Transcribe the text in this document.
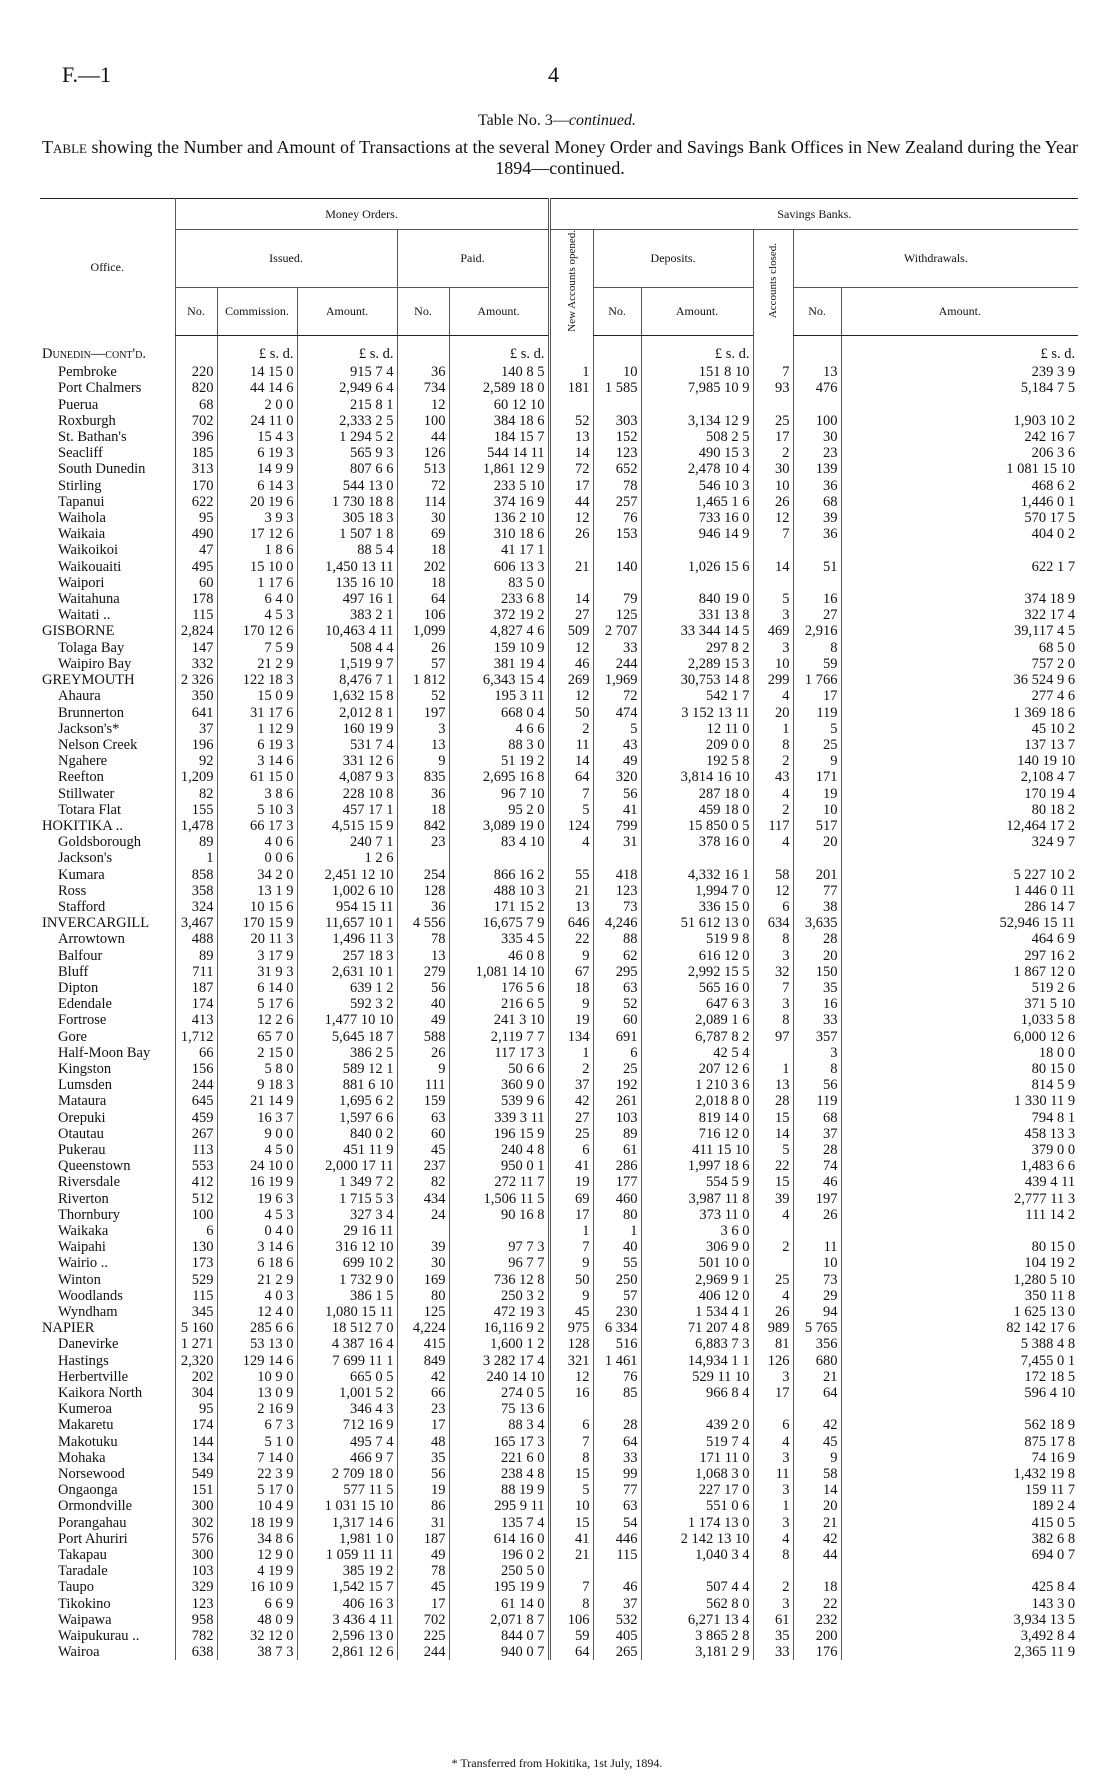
F.—1	4
Table No. 3—continued.
Table showing the Number and Amount of Transactions at the several Money Order and Savings Bank Offices in New Zealand during the Year 1894—continued.
Office.	Money Orders.					Savings Banks.					
	Issued.			Paid.		New Accounts opened.	Deposits.		Accounts closed.	Withdrawals.	
	No.	Commission.	Amount.	No.	Amount.		No.	Amount.		No.	Amount.
Dunedin—cont'd.		£ s. d.	£ s. d.		£ s. d.			£ s. d.			£ s. d.
Pembroke	220	14 15 0	915 7 4	36	140 8 5	1	10	151 8 10	7	13	239 3 9
Port Chalmers	820	44 14 6	2,949 6 4	734	2,589 18 0	181	1 585	7,985 10 9	93	476	5,184 7 5
Puerua	68	2 0 0	215 8 1	12	60 12 10						
Roxburgh	702	24 11 0	2,333 2 5	100	384 18 6	52	303	3,134 12 9	25	100	1,903 10 2
St. Bathan's	396	15 4 3	1 294 5 2	44	184 15 7	13	152	508 2 5	17	30	242 16 7
Seacliff	185	6 19 3	565 9 3	126	544 14 11	14	123	490 15 3	2	23	206 3 6
South Dunedin	313	14 9 9	807 6 6	513	1,861 12 9	72	652	2,478 10 4	30	139	1 081 15 10
Stirling	170	6 14 3	544 13 0	72	233 5 10	17	78	546 10 3	10	36	468 6 2
Tapanui	622	20 19 6	1 730 18 8	114	374 16 9	44	257	1,465 1 6	26	68	1,446 0 1
Waihola	95	3 9 3	305 18 3	30	136 2 10	12	76	733 16 0	12	39	570 17 5
Waikaia	490	17 12 6	1 507 1 8	69	310 18 6	26	153	946 14 9	7	36	404 0 2
Waikoikoi	47	1 8 6	88 5 4	18	41 17 1						
Waikouaiti	495	15 10 0	1,450 13 11	202	606 13 3	21	140	1,026 15 6	14	51	622 1 7
Waipori	60	1 17 6	135 16 10	18	83 5 0						
Waitahuna	178	6 4 0	497 16 1	64	233 6 8	14	79	840 19 0	5	16	374 18 9
Waitati ..	115	4 5 3	383 2 1	106	372 19 2	27	125	331 13 8	3	27	322 17 4
GISBORNE	2,824	170 12 6	10,463 4 11	1,099	4,827 4 6	509	2 707	33 344 14 5	469	2,916	39,117 4 5
Tolaga Bay	147	7 5 9	508 4 4	26	159 10 9	12	33	297 8 2	3	8	68 5 0
Waipiro Bay	332	21 2 9	1,519 9 7	57	381 19 4	46	244	2,289 15 3	10	59	757 2 0
GREYMOUTH	2 326	122 18 3	8,476 7 1	1 812	6,343 15 4	269	1,969	30,753 14 8	299	1 766	36 524 9 6
Ahaura	350	15 0 9	1,632 15 8	52	195 3 11	12	72	542 1 7	4	17	277 4 6
Brunnerton	641	31 17 6	2,012 8 1	197	668 0 4	50	474	3 152 13 11	20	119	1 369 18 6
Jackson's*	37	1 12 9	160 19 9	3	4 6 6	2	5	12 11 0	1	5	45 10 2
Nelson Creek	196	6 19 3	531 7 4	13	88 3 0	11	43	209 0 0	8	25	137 13 7
Ngahere	92	3 14 6	331 12 6	9	51 19 2	14	49	192 5 8	2	9	140 19 10
Reefton	1,209	61 15 0	4,087 9 3	835	2,695 16 8	64	320	3,814 16 10	43	171	2,108 4 7
Stillwater	82	3 8 6	228 10 8	36	96 7 10	7	56	287 18 0	4	19	170 19 4
Totara Flat	155	5 10 3	457 17 1	18	95 2 0	5	41	459 18 0	2	10	80 18 2
HOKITIKA ..	1,478	66 17 3	4,515 15 9	842	3,089 19 0	124	799	15 850 0 5	117	517	12,464 17 2
Goldsborough	89	4 0 6	240 7 1	23	83 4 10	4	31	378 16 0	4	20	324 9 7
Jackson's	1	0 0 6	1 2 6								
Kumara	858	34 2 0	2,451 12 10	254	866 16 2	55	418	4,332 16 1	58	201	5 227 10 2
Ross	358	13 1 9	1,002 6 10	128	488 10 3	21	123	1,994 7 0	12	77	1 446 0 11
Stafford	324	10 15 6	954 15 11	36	171 15 2	13	73	336 15 0	6	38	286 14 7
INVERCARGILL	3,467	170 15 9	11,657 10 1	4 556	16,675 7 9	646	4,246	51 612 13 0	634	3,635	52,946 15 11
Arrowtown	488	20 11 3	1,496 11 3	78	335 4 5	22	88	519 9 8	8	28	464 6 9
Balfour	89	3 17 9	257 18 3	13	46 0 8	9	62	616 12 0	3	20	297 16 2
Bluff	711	31 9 3	2,631 10 1	279	1,081 14 10	67	295	2,992 15 5	32	150	1 867 12 0
Dipton	187	6 14 0	639 1 2	56	176 5 6	18	63	565 16 0	7	35	519 2 6
Edendale	174	5 17 6	592 3 2	40	216 6 5	9	52	647 6 3	3	16	371 5 10
Fortrose	413	12 2 6	1,477 10 10	49	241 3 10	19	60	2,089 1 6	8	33	1,033 5 8
Gore	1,712	65 7 0	5,645 18 7	588	2,119 7 7	134	691	6,787 8 2	97	357	6,000 12 6
Half-Moon Bay	66	2 15 0	386 2 5	26	117 17 3	1	6	42 5 4		3	18 0 0
Kingston	156	5 8 0	589 12 1	9	50 6 6	2	25	207 12 6	1	8	80 15 0
Lumsden	244	9 18 3	881 6 10	111	360 9 0	37	192	1 210 3 6	13	56	814 5 9
Mataura	645	21 14 9	1,695 6 2	159	539 9 6	42	261	2,018 8 0	28	119	1 330 11 9
Orepuki	459	16 3 7	1,597 6 6	63	339 3 11	27	103	819 14 0	15	68	794 8 1
Otautau	267	9 0 0	840 0 2	60	196 15 9	25	89	716 12 0	14	37	458 13 3
Pukerau	113	4 5 0	451 11 9	45	240 4 8	6	61	411 15 10	5	28	379 0 0
Queenstown	553	24 10 0	2,000 17 11	237	950 0 1	41	286	1,997 18 6	22	74	1,483 6 6
Riversdale	412	16 19 9	1 349 7 2	82	272 11 7	19	177	554 5 9	15	46	439 4 11
Riverton	512	19 6 3	1 715 5 3	434	1,506 11 5	69	460	3,987 11 8	39	197	2,777 11 3
Thornbury	100	4 5 3	327 3 4	24	90 16 8	17	80	373 11 0	4	26	111 14 2
Waikaka	6	0 4 0	29 16 11			1	1	3 6 0			
Waipahi	130	3 14 6	316 12 10	39	97 7 3	7	40	306 9 0	2	11	80 15 0
Wairio ..	173	6 18 6	699 10 2	30	96 7 7	9	55	501 10 0		10	104 19 2
Winton	529	21 2 9	1 732 9 0	169	736 12 8	50	250	2,969 9 1	25	73	1,280 5 10
Woodlands	115	4 0 3	386 1 5	80	250 3 2	9	57	406 12 0	4	29	350 11 8
Wyndham	345	12 4 0	1,080 15 11	125	472 19 3	45	230	1 534 4 1	26	94	1 625 13 0
NAPIER	5 160	285 6 6	18 512 7 0	4,224	16,116 9 2	975	6 334	71 207 4 8	989	5 765	82 142 17 6
Danevirke	1 271	53 13 0	4 387 16 4	415	1,600 1 2	128	516	6,883 7 3	81	356	5 388 4 8
Hastings	2,320	129 14 6	7 699 11 1	849	3 282 17 4	321	1 461	14,934 1 1	126	680	7,455 0 1
Herbertville	202	10 9 0	665 0 5	42	240 14 10	12	76	529 11 10	3	21	172 18 5
Kaikora North	304	13 0 9	1,001 5 2	66	274 0 5	16	85	966 8 4	17	64	596 4 10
Kumeroa	95	2 16 9	346 4 3	23	75 13 6						
Makaretu	174	6 7 3	712 16 9	17	88 3 4	6	28	439 2 0	6	42	562 18 9
Makotuku	144	5 1 0	495 7 4	48	165 17 3	7	64	519 7 4	4	45	875 17 8
Mohaka	134	7 14 0	466 9 7	35	221 6 0	8	33	171 11 0	3	9	74 16 9
Norsewood	549	22 3 9	2 709 18 0	56	238 4 8	15	99	1,068 3 0	11	58	1,432 19 8
Ongaonga	151	5 17 0	577 11 5	19	88 19 9	5	77	227 17 0	3	14	159 11 7
Ormondville	300	10 4 9	1 031 15 10	86	295 9 11	10	63	551 0 6	1	20	189 2 4
Porangahau	302	18 19 9	1,317 14 6	31	135 7 4	15	54	1 174 13 0	3	21	415 0 5
Port Ahuriri	576	34 8 6	1,981 1 0	187	614 16 0	41	446	2 142 13 10	4	42	382 6 8
Takapau	300	12 9 0	1 059 11 11	49	196 0 2	21	115	1,040 3 4	8	44	694 0 7
Taradale	103	4 19 9	385 19 2	78	250 5 0						
Taupo	329	16 10 9	1,542 15 7	45	195 19 9	7	46	507 4 4	2	18	425 8 4
Tikokino	123	6 6 9	406 16 3	17	61 14 0	8	37	562 8 0	3	22	143 3 0
Waipawa	958	48 0 9	3 436 4 11	702	2,071 8 7	106	532	6,271 13 4	61	232	3,934 13 5
Waipukurau ..	782	32 12 0	2,596 13 0	225	844 0 7	59	405	3 865 2 8	35	200	3,492 8 4
Wairoa	638	38 7 3	2,861 12 6	244	940 0 7	64	265	3,181 2 9	33	176	2,365 11 9
* Transferred from Hokitika, 1st July, 1894.
